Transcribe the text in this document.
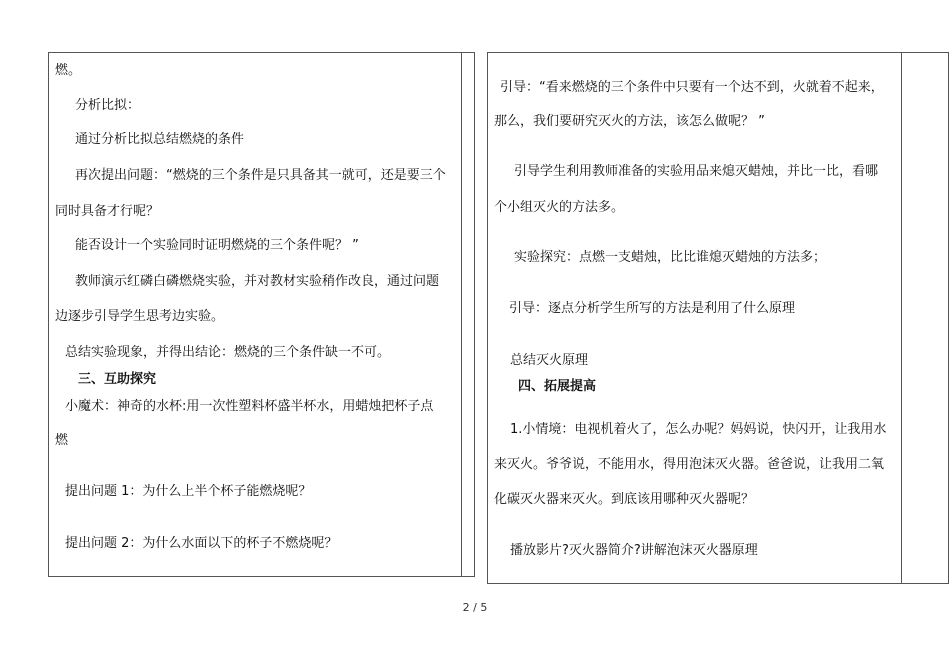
燃。
分析比拟：
通过分析比拟总结燃烧的条件
再次提出问题：“燃烧的三个条件是只具备其一就可，还是要三个
同时具备才行呢？
能否设计一个实验同时证明燃烧的三个条件呢？ ”
教师演示红磷白磷燃烧实验，并对教材实验稍作改良，通过问题
边逐步引导学生思考边实验。
总结实验现象，并得出结论：燃烧的三个条件缺一不可。
三、互助探究
小魔术：神奇的水杯:用一次性塑料杯盛半杯水，用蜡烛把杯子点
燃
提出问题 1：为什么上半个杯子能燃烧呢？
提出问题 2：为什么水面以下的杯子不燃烧呢？
引导：“看来燃烧的三个条件中只要有一个达不到，火就着不起来，
那么，我们要研究灭火的方法，该怎么做呢？ ”
引导学生利用教师准备的实验用品来熄灭蜡烛，并比一比，看哪
个小组灭火的方法多。
实验探究：点燃一支蜡烛，比比谁熄灭蜡烛的方法多；
引导：逐点分析学生所写的方法是利用了什么原理
总结灭火原理
四、拓展提高
1.小情境：电视机着火了，怎么办呢？妈妈说，快闪开，让我用水
来灭火。爷爷说，不能用水，得用泡沫灭火器。爸爸说，让我用二氧
化碳灭火器来灭火。到底该用哪种灭火器呢？
播放影片?灭火器简介?讲解泡沫灭火器原理
2 / 5
